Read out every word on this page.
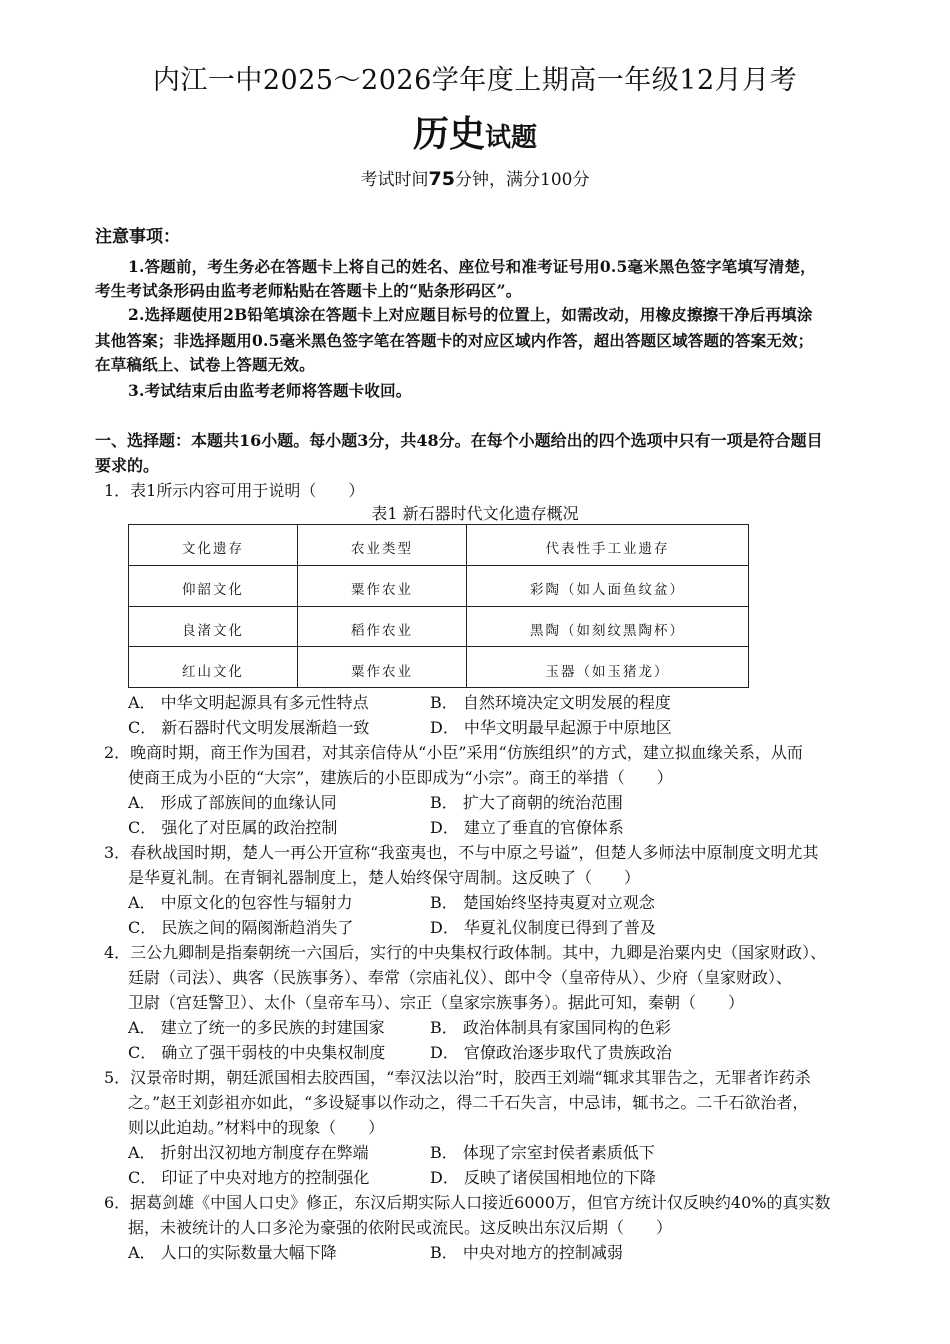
内江一中2025～2026学年度上期高一年级12月月考
历史试题
考试时间75分钟，满分100分
注意事项：
1.答题前，考生务必在答题卡上将自己的姓名、座位号和准考证号用0.5毫米黑色签字笔填写清楚，
考生考试条形码由监考老师粘贴在答题卡上的“贴条形码区”。
2.选择题使用2B铅笔填涂在答题卡上对应题目标号的位置上，如需改动，用橡皮擦擦干净后再填涂
其他答案；非选择题用0.5毫米黑色签字笔在答题卡的对应区域内作答，超出答题区域答题的答案无效；
在草稿纸上、试卷上答题无效。
3.考试结束后由监考老师将答题卡收回。
一、选择题：本题共16小题。每小题3分，共48分。在每个小题给出的四个选项中只有一项是符合题目
要求的。
1．表1所示内容可用于说明（　　）
表1 新石器时代文化遗存概况
文化遗存	农业类型	代表性手工业遗存
仰韶文化	粟作农业	彩陶（如人面鱼纹盆）
良渚文化	稻作农业	黑陶（如刻纹黑陶杯）
红山文化	粟作农业	玉器（如玉猪龙）
A． 中华文明起源具有多元性特点	B． 自然环境决定文明发展的程度
C． 新石器时代文明发展渐趋一致	D． 中华文明最早起源于中原地区
2．晚商时期，商王作为国君，对其亲信侍从“小臣”采用“仿族组织”的方式，建立拟血缘关系，从而
使商王成为小臣的“大宗”，建族后的小臣即成为“小宗”。商王的举措（　　）
A． 形成了部族间的血缘认同	B． 扩大了商朝的统治范围
C． 强化了对臣属的政治控制	D． 建立了垂直的官僚体系
3．春秋战国时期，楚人一再公开宣称“我蛮夷也，不与中原之号谥”，但楚人多师法中原制度文明尤其
是华夏礼制。在青铜礼器制度上，楚人始终保守周制。这反映了（　　）
A． 中原文化的包容性与辐射力	B． 楚国始终坚持夷夏对立观念
C． 民族之间的隔阂渐趋消失了	D． 华夏礼仪制度已得到了普及
4．三公九卿制是指秦朝统一六国后，实行的中央集权行政体制。其中，九卿是治粟内史（国家财政）、
廷尉（司法）、典客（民族事务）、奉常（宗庙礼仪）、郎中令（皇帝侍从）、少府（皇家财政）、
卫尉（宫廷警卫）、太仆（皇帝车马）、宗正（皇家宗族事务）。据此可知，秦朝（　　）
A． 建立了统一的多民族的封建国家	B． 政治体制具有家国同构的色彩
C． 确立了强干弱枝的中央集权制度	D． 官僚政治逐步取代了贵族政治
5．汉景帝时期，朝廷派国相去胶西国，“奉汉法以治”时，胶西王刘端“辄求其罪告之，无罪者诈药杀
之。”赵王刘彭祖亦如此，“多设疑事以作动之，得二千石失言，中忌讳，辄书之。二千石欲治者，
则以此迫劫。”材料中的现象（　　）
A． 折射出汉初地方制度存在弊端	B． 体现了宗室封侯者素质低下
C． 印证了中央对地方的控制强化	D． 反映了诸侯国相地位的下降
6．据葛剑雄《中国人口史》修正，东汉后期实际人口接近6000万，但官方统计仅反映约40%的真实数
据，未被统计的人口多沦为豪强的依附民或流民。这反映出东汉后期（　　）
A． 人口的实际数量大幅下降	B． 中央对地方的控制减弱
